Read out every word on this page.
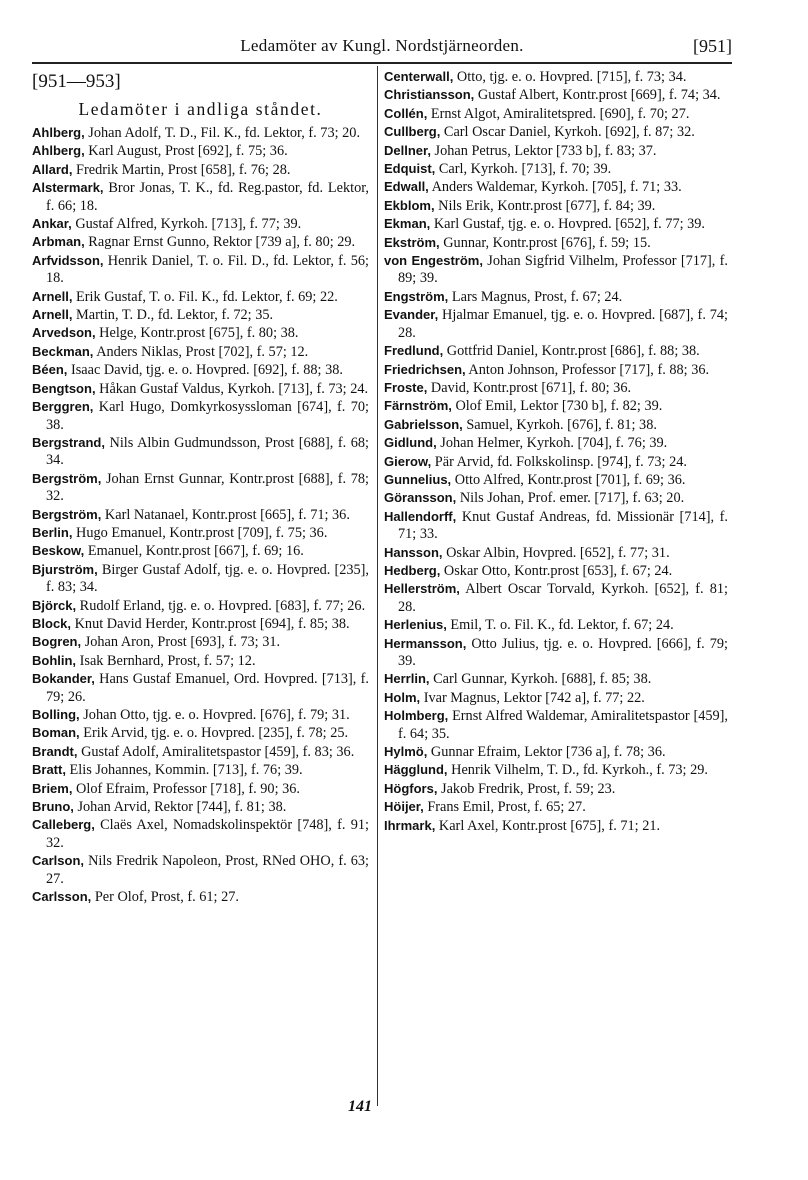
Ledamöter av Kungl. Nordstjärneorden.	[951]
[951—953]
Ledamöter i andliga ståndet.

Ahlberg, Johan Adolf, T. D., Fil. K., fd. Lektor, f. 73; 20.

Ahlberg, Karl August, Prost [692], f. 75; 36.

Allard, Fredrik Martin, Prost [658], f. 76; 28.

Alstermark, Bror Jonas, T. K., fd. Reg.pastor, fd. Lektor, f. 66; 18.

Ankar, Gustaf Alfred, Kyrkoh. [713], f. 77; 39.

Arbman, Ragnar Ernst Gunno, Rektor [739 a], f. 80; 29.

Arfvidsson, Henrik Daniel, T. o. Fil. D., fd. Lektor, f. 56; 18.

Arnell, Erik Gustaf, T. o. Fil. K., fd. Lektor, f. 69; 22.

Arnell, Martin, T. D., fd. Lektor, f. 72; 35.

Arvedson, Helge, Kontr.prost [675], f. 80; 38.

Beckman, Anders Niklas, Prost [702], f. 57; 12.

Béen, Isaac David, tjg. e. o. Hovpred. [692], f. 88; 38.

Bengtson, Håkan Gustaf Valdus, Kyrkoh. [713], f. 73; 24.

Berggren, Karl Hugo, Domkyrkosyssloman [674], f. 70; 38.

Bergstrand, Nils Albin Gudmundsson, Prost [688], f. 68; 34.

Bergström, Johan Ernst Gunnar, Kontr.prost [688], f. 78; 32.

Bergström, Karl Natanael, Kontr.prost [665], f. 71; 36.

Berlin, Hugo Emanuel, Kontr.prost [709], f. 75; 36.

Beskow, Emanuel, Kontr.prost [667], f. 69; 16.

Bjurström, Birger Gustaf Adolf, tjg. e. o. Hovpred. [235], f. 83; 34.

Björck, Rudolf Erland, tjg. e. o. Hovpred. [683], f. 77; 26.

Block, Knut David Herder, Kontr.prost [694], f. 85; 38.

Bogren, Johan Aron, Prost [693], f. 73; 31.

Bohlin, Isak Bernhard, Prost, f. 57; 12.

Bokander, Hans Gustaf Emanuel, Ord. Hovpred. [713], f. 79; 26.

Bolling, Johan Otto, tjg. e. o. Hovpred. [676], f. 79; 31.

Boman, Erik Arvid, tjg. e. o. Hovpred. [235], f. 78; 25.

Brandt, Gustaf Adolf, Amiralitetspastor [459], f. 83; 36.

Bratt, Elis Johannes, Kommin. [713], f. 76; 39.

Briem, Olof Efraim, Professor [718], f. 90; 36.

Bruno, Johan Arvid, Rektor [744], f. 81; 38.

Calleberg, Claës Axel, Nomadskolinspektör [748], f. 91; 32.

Carlson, Nils Fredrik Napoleon, Prost, RNed OHO, f. 63; 27.

Carlsson, Per Olof, Prost, f. 61; 27.

Centerwall, Otto, tjg. e. o. Hovpred. [715], f. 73; 34.

Christiansson, Gustaf Albert, Kontr.prost [669], f. 74; 34.

Collén, Ernst Algot, Amiralitetspred. [690], f. 70; 27.

Cullberg, Carl Oscar Daniel, Kyrkoh. [692], f. 87; 32.

Dellner, Johan Petrus, Lektor [733 b], f. 83; 37.

Edquist, Carl, Kyrkoh. [713], f. 70; 39.

Edwall, Anders Waldemar, Kyrkoh. [705], f. 71; 33.

Ekblom, Nils Erik, Kontr.prost [677], f. 84; 39.

Ekman, Karl Gustaf, tjg. e. o. Hovpred. [652], f. 77; 39.

Ekström, Gunnar, Kontr.prost [676], f. 59; 15.

von Engeström, Johan Sigfrid Vilhelm, Professor [717], f. 89; 39.

Engström, Lars Magnus, Prost, f. 67; 24.

Evander, Hjalmar Emanuel, tjg. e. o. Hovpred. [687], f. 74; 28.

Fredlund, Gottfrid Daniel, Kontr.prost [686], f. 88; 38.

Friedrichsen, Anton Johnson, Professor [717], f. 88; 36.

Froste, David, Kontr.prost [671], f. 80; 36.

Färnström, Olof Emil, Lektor [730 b], f. 82; 39.

Gabrielsson, Samuel, Kyrkoh. [676], f. 81; 38.

Gidlund, Johan Helmer, Kyrkoh. [704], f. 76; 39.

Gierow, Pär Arvid, fd. Folkskolinsp. [974], f. 73; 24.

Gunnelius, Otto Alfred, Kontr.prost [701], f. 69; 36.

Göransson, Nils Johan, Prof. emer. [717], f. 63; 20.

Hallendorff, Knut Gustaf Andreas, fd. Missionär [714], f. 71; 33.

Hansson, Oskar Albin, Hovpred. [652], f. 77; 31.

Hedberg, Oskar Otto, Kontr.prost [653], f. 67; 24.

Hellerström, Albert Oscar Torvald, Kyrkoh. [652], f. 81; 28.

Herlenius, Emil, T. o. Fil. K., fd. Lektor, f. 67; 24.

Hermansson, Otto Julius, tjg. e. o. Hovpred. [666], f. 79; 39.

Herrlin, Carl Gunnar, Kyrkoh. [688], f. 85; 38.

Holm, Ivar Magnus, Lektor [742 a], f. 77; 22.

Holmberg, Ernst Alfred Waldemar, Amiralitetspastor [459], f. 64; 35.

Hylmö, Gunnar Efraim, Lektor [736 a], f. 78; 36.

Hägglund, Henrik Vilhelm, T. D., fd. Kyrkoh., f. 73; 29.

Högfors, Jakob Fredrik, Prost, f. 59; 23.

Höijer, Frans Emil, Prost, f. 65; 27.

Ihrmark, Karl Axel, Kontr.prost [675], f. 71; 21.

141
